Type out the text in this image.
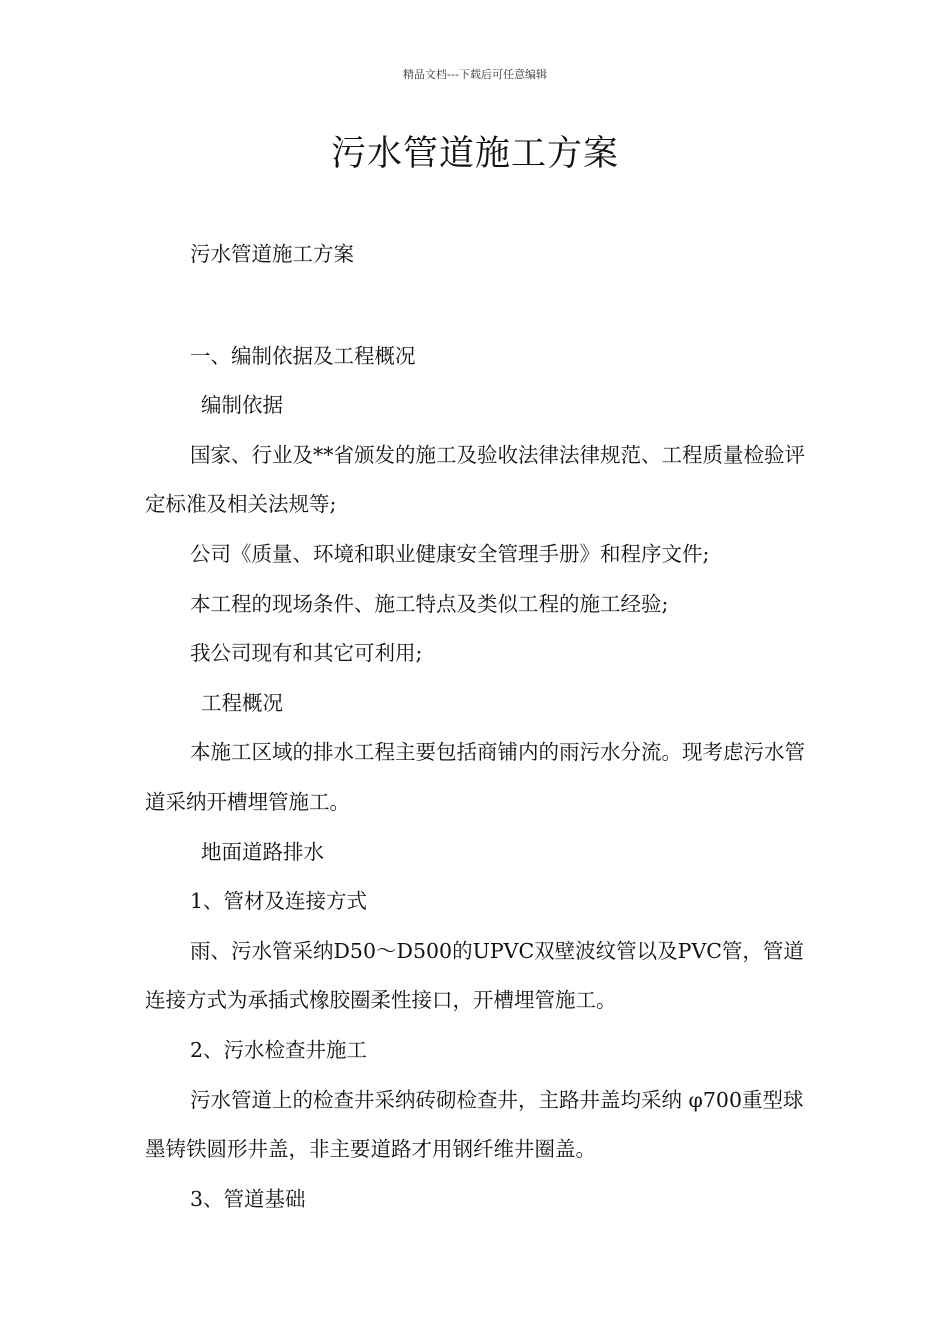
精品文档---下载后可任意编辑
污水管道施工方案

污水管道施工方案

一、编制依据及工程概况

编制依据

国家、行业及**省颁发的施工及验收法律法律规范、工程质量检验评定标准及相关法规等;

公司《质量、环境和职业健康安全管理手册》和程序文件;

本工程的现场条件、施工特点及类似工程的施工经验;

我公司现有和其它可利用;

工程概况

本施工区域的排水工程主要包括商铺内的雨污水分流。现考虑污水管道采纳开槽埋管施工。

地面道路排水

1、管材及连接方式

雨、污水管采纳D50～D500的UPVC双壁波纹管以及PVC管，管道连接方式为承插式橡胶圈柔性接口，开槽埋管施工。

2、污水检查井施工

污水管道上的检查井采纳砖砌检查井，主路井盖均采纳 φ700重型球墨铸铁圆形井盖，非主要道路才用钢纤维井圈盖。

3、管道基础
